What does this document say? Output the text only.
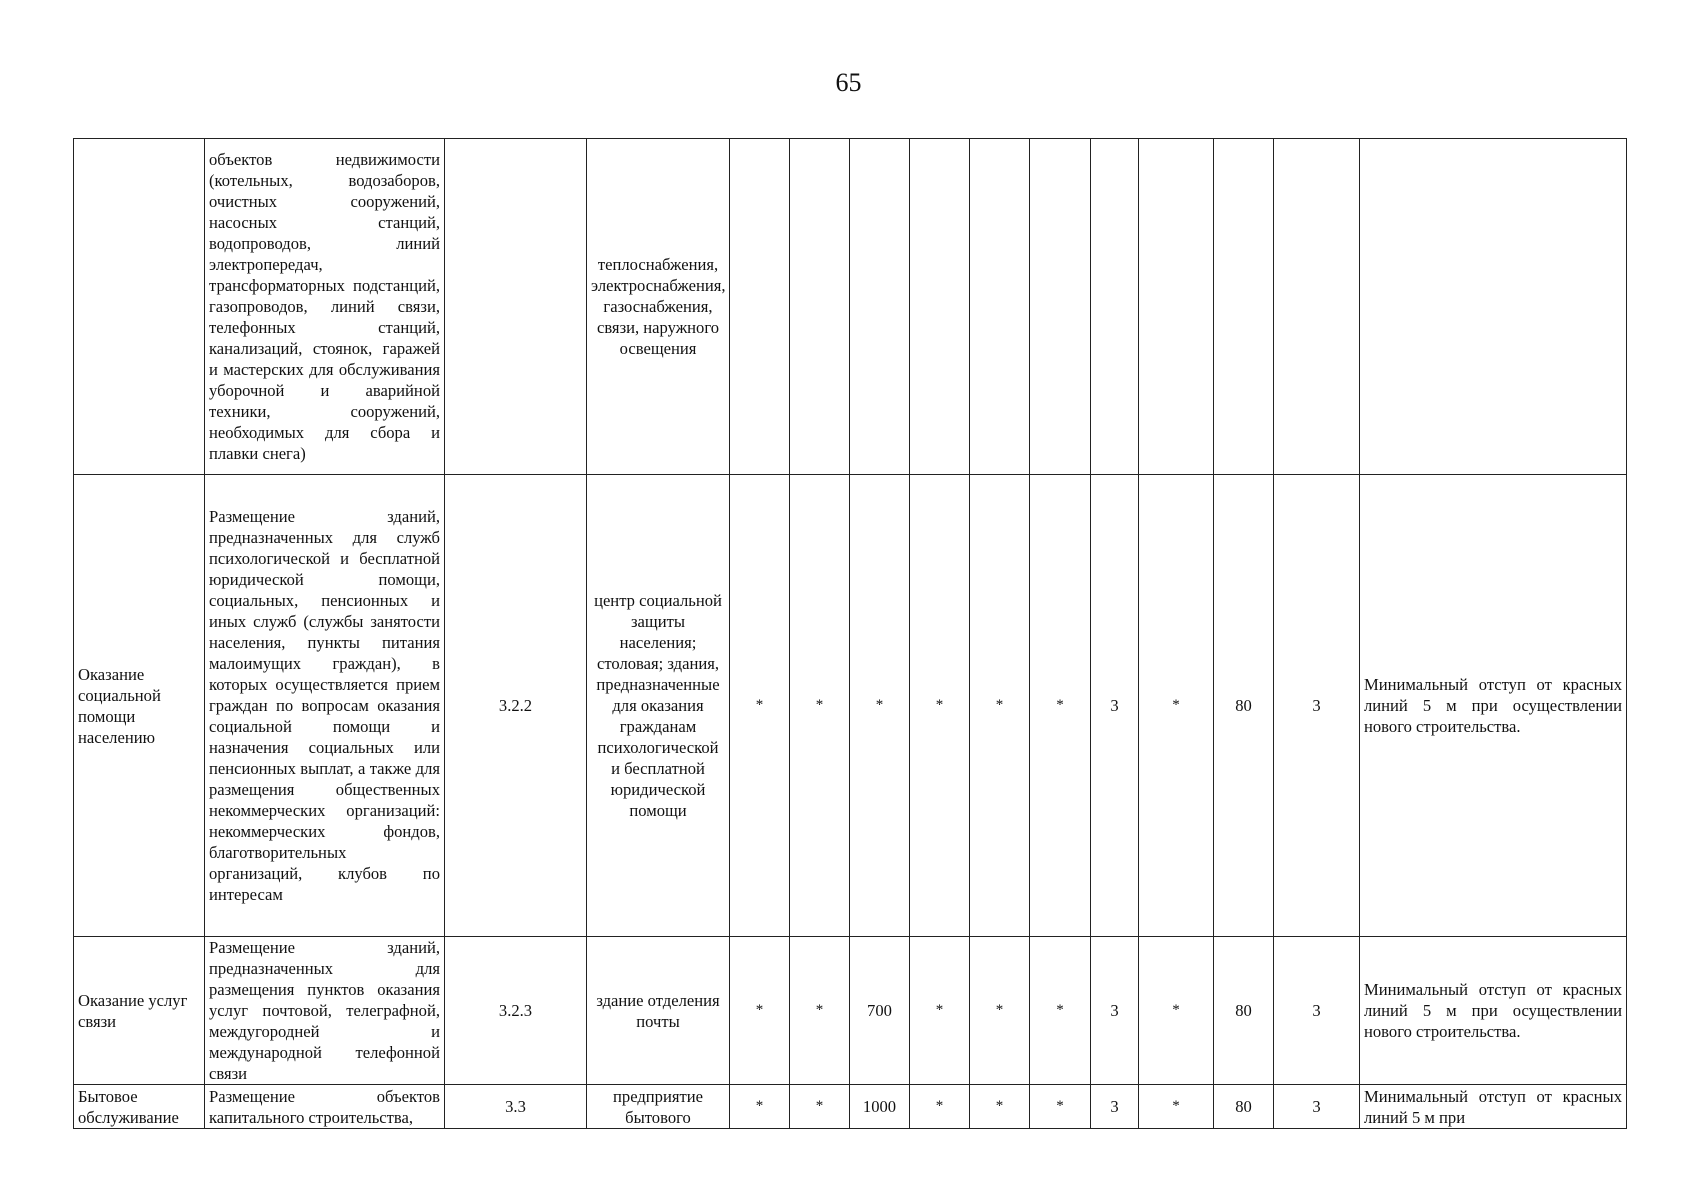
65
	объектов недвижимости (котельных, водозаборов, очистных сооружений, насосных станций, водопроводов, линий электропередач, трансформаторных подстанций, газопроводов, линий связи, телефонных станций, канализаций, стоянок, гаражей и мастерских для обслуживания уборочной и аварийной техники, сооружений, необходимых для сбора и плавки снега)		теплоснабжения, электроснабжения, газоснабжения, связи, наружного освещения											
Оказание социальной помощи населению	Размещение зданий, предназначенных для служб психологической и бесплатной юридической помощи, социальных, пенсионных и иных служб (службы занятости населения, пункты питания малоимущих граждан), в которых осуществляется прием граждан по вопросам оказания социальной помощи и назначения социальных или пенсионных выплат, а также для размещения общественных некоммерческих организаций: некоммерческих фондов, благотворительных организаций, клубов по интересам	3.2.2	центр социальной защиты населения; столовая; здания, предназначенные для оказания гражданам психологической и бесплатной юридической помощи	*	*	*	*	*	*	3	*	80	3	Минимальный отступ от красных линий 5 м при осуществлении нового строительства.
Оказание услуг связи	Размещение зданий, предназначенных для размещения пунктов оказания услуг почтовой, телеграфной, междугородней и международной телефонной связи	3.2.3	здание отделения почты	*	*	700	*	*	*	3	*	80	3	Минимальный отступ от красных линий 5 м при осуществлении нового строительства.
Бытовое обслуживание	Размещение объектов капитального строительства,	3.3	предприятие бытового	*	*	1000	*	*	*	3	*	80	3	Минимальный отступ от красных линий 5 м при
